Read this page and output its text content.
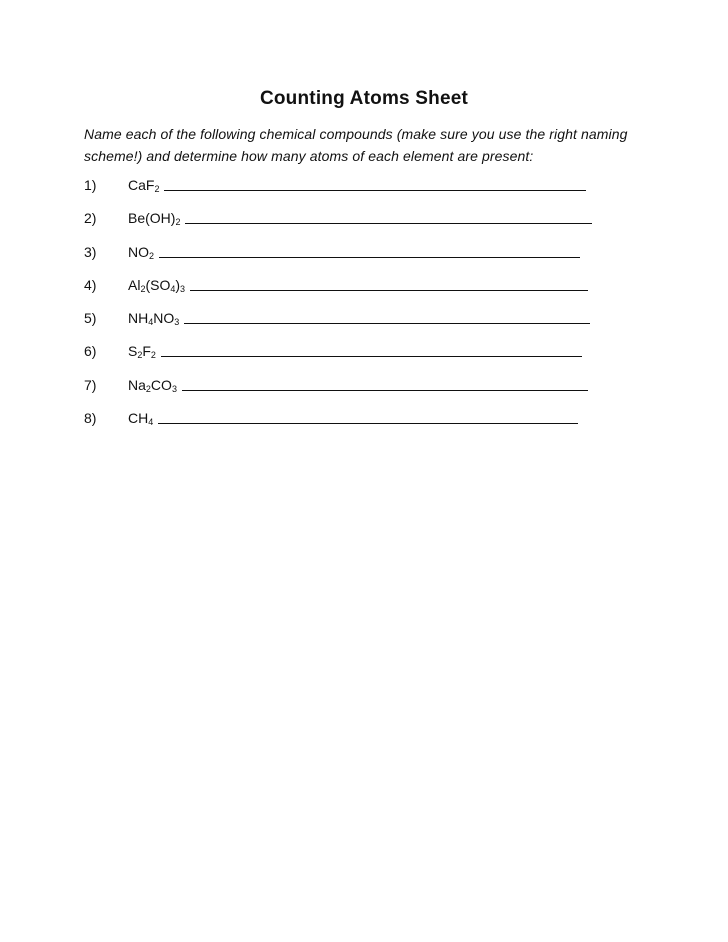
Counting Atoms Sheet

Name each of the following chemical compounds (make sure you use the right naming scheme!) and determine how many atoms of each element are present:

1)	CaF$_2$
2)	$Be(OH)_2$
3)	$NO_2$
4)	$Al_2(SO_4)_3$
5)	$NH_4NO_3$
6)	$S_2F_2$
7)	$Na_2CO_3$
8)	$CH_4$
